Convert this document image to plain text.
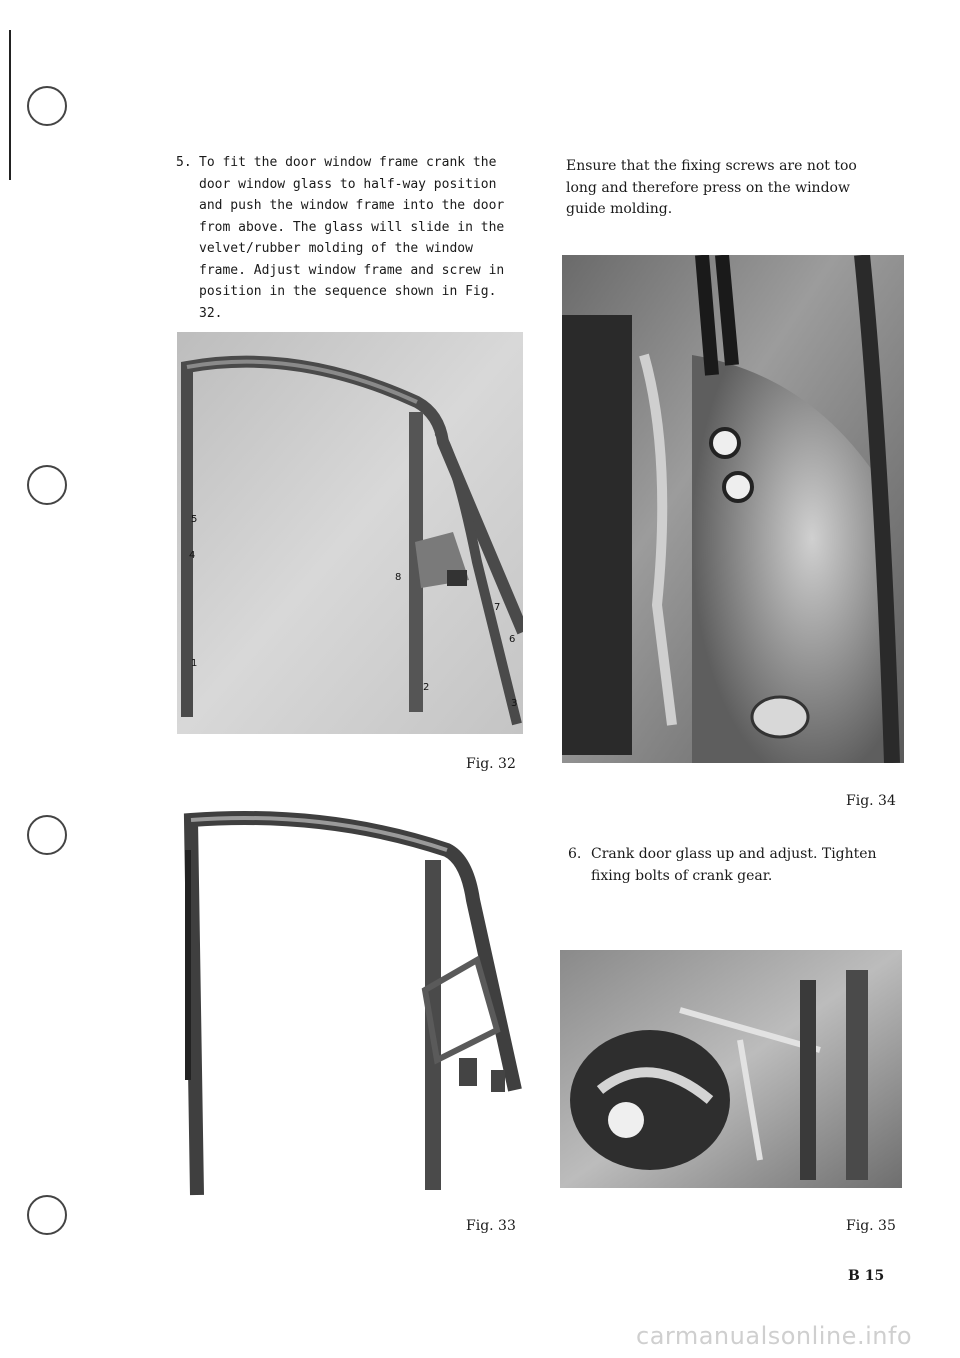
5. To fit the door window frame crank the door window glass to half-way position and push the window frame into the door from above. The glass will slide in the velvet/rubber molding of the window frame. Adjust window frame and screw in position in the sequence shown in Fig. 32.
Ensure that the fixing screws are not too long and therefore press on the window guide molding.
5
4
8
7
6
1
2
3
Fig. 32
Fig. 33
Fig. 34
6. Crank door glass up and adjust. Tighten fixing bolts of crank gear.
Fig. 35
B 15
carmanualsonline.info
